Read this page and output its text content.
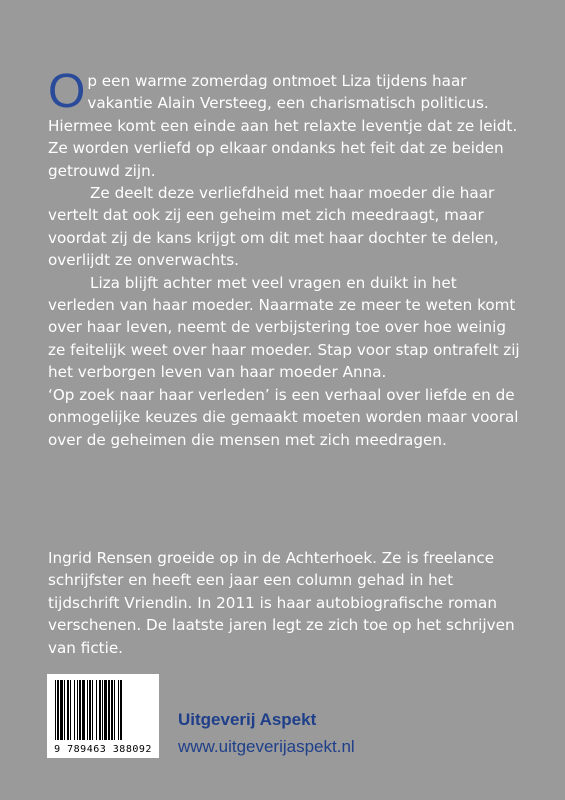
Op een warme zomerdag ontmoet Liza tijdens haar vakantie Alain Versteeg, een charismatisch politicus. Hiermee komt een einde aan het relaxte leventje dat ze leidt. Ze worden verliefd op elkaar ondanks het feit dat ze beiden getrouwd zijn.

Ze deelt deze verliefdheid met haar moeder die haar vertelt dat ook zij een geheim met zich meedraagt, maar voordat zij de kans krijgt om dit met haar dochter te delen, overlijdt ze onverwachts.

Liza blijft achter met veel vragen en duikt in het verleden van haar moeder. Naarmate ze meer te weten komt over haar leven, neemt de verbijstering toe over hoe weinig ze feitelijk weet over haar moeder. Stap voor stap ontrafelt zij het verborgen leven van haar moeder Anna.

‘Op zoek naar haar verleden’ is een verhaal over liefde en de onmogelijke keuzes die gemaakt moeten worden maar vooral over de geheimen die mensen met zich meedragen.

Ingrid Rensen groeide op in de Achterhoek. Ze is freelance schrijfster en heeft een jaar een column gehad in het tijdschrift Vriendin. In 2011 is haar autobiografische roman verschenen. De laatste jaren legt ze zich toe op het schrijven van fictie.

9 789463 388092
Uitgeverij Aspekt
www.uitgeverijaspekt.nl
